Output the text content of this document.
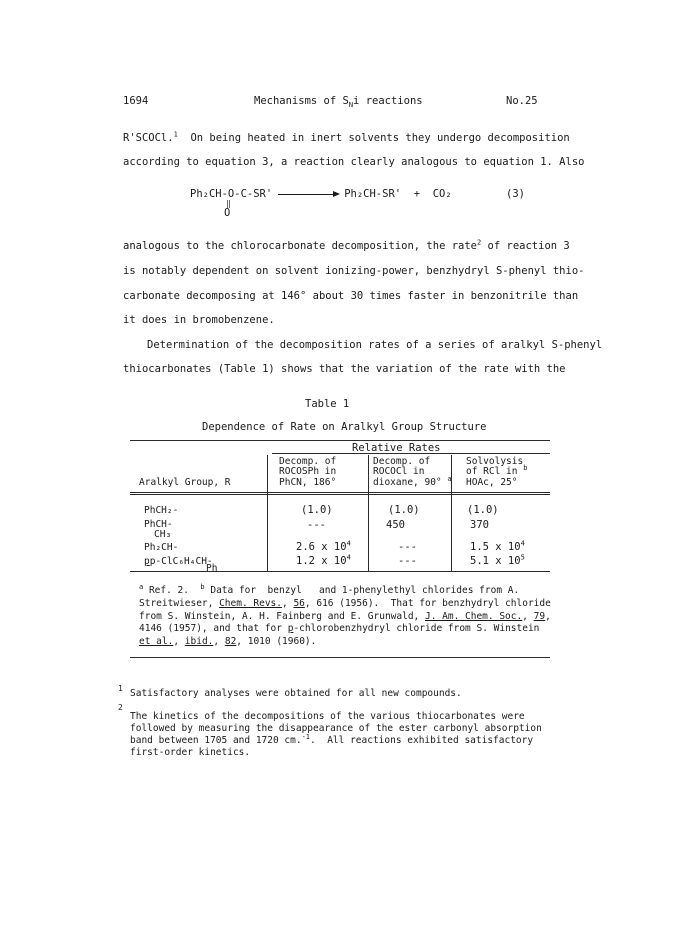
1694	Mechanisms of $S_Ni$ reactions	No.25
R'SCOCl.$^1$  On being heated in inert solvents they undergo decomposition
according to equation 3, a reaction clearly analogous to equation 1. Also
Ph₂CH-O-C-SR'	Ph₂CH-SR'  +  CO₂
‖
O
(3)
analogous to the chlorocarbonate decomposition, the rate$^2$ of reaction 3
is notably dependent on solvent ionizing-power, benzhydryl S-phenyl thio-
carbonate decomposing at 146° about 30 times faster in benzonitrile than
it does in bromobenzene.
Determination of the decomposition rates of a series of aralkyl S-phenyl
thiocarbonates (Table 1) shows that the variation of the rate with the
Table 1
Dependence of Rate on Aralkyl Group Structure
Relative Rates
Aralkyl Group, R
Decomp. of
ROCOSPh in
PhCN, 186°
Decomp. of
ROCOCl in
dioxane, 90° $^a$
Solvolysis
of RCl in $^b$
HOAc, 25°
PhCH₂-	(1.0)	(1.0)	(1.0)
PhCH-
CH₃
---	450	370
Ph₂CH-	2.6 x $10^4$	---	1.5 x $10^4$
pp-ClC₆H₄CH-
Ph
1.2 x $10^4$	---	5.1 x $10^5$
$^a$ Ref. 2.  $^b$ Data for  benzyl   and 1-phenylethyl chlorides from A.
Streitwieser, Chem. Revs., 56, 616 (1956).  That for benzhydryl chloride
from S. Winstein, A. H. Fainberg and E. Grunwald, J. Am. Chem. Soc., 79,
4146 (1957), and that for p-chlorobenzhydryl chloride from S. Winstein
et al., ibid., 82, 1010 (1960).
1 Satisfactory analyses were obtained for all new compounds.
2
The kinetics of the decompositions of the various thiocarbonates were
followed by measuring the disappearance of the ester carbonyl absorption
band between 1705 and 1720 cm.$^{-1}$.  All reactions exhibited satisfactory
first-order kinetics.
